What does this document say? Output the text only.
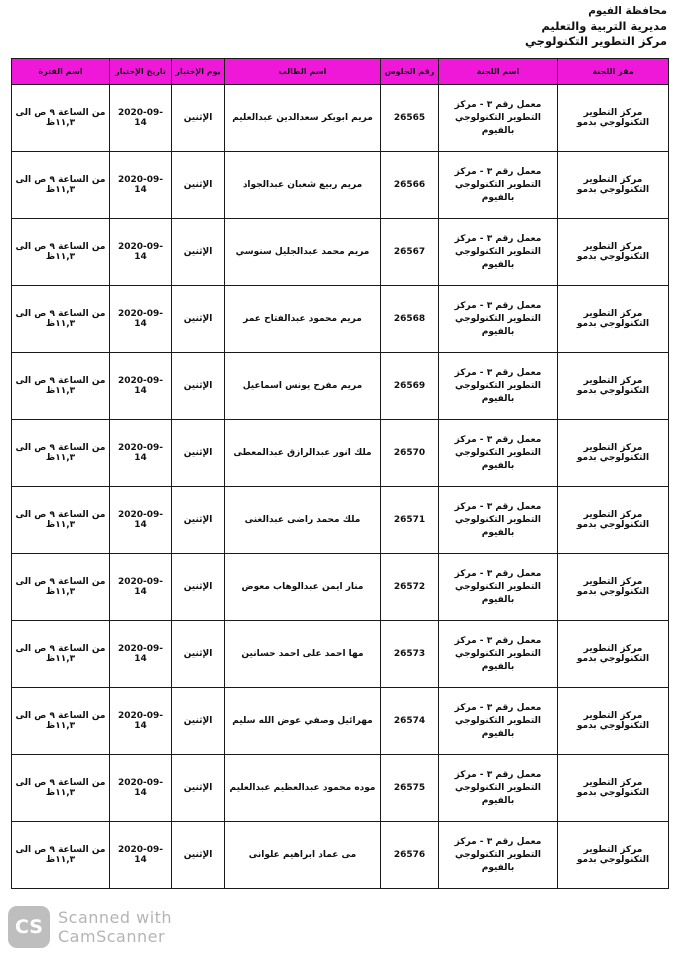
محافظة الفيوم
مديرية التربية والتعليم
مركز التطوير التكنولوجي
مقر اللجنة	اسم اللجنة	رقم الجلوس	اسم الطالب	يوم الإختبار	تاريخ الإختبار	اسم الفترة
مركز التطوير التكنولوجي بدمو	معمل رقم ٣ - مركز التطوير التكنولوجي بالفيوم	26565	مريم ابوبكر سعدالدين عبدالعليم	الإثنين	2020-09-14	من الساعة ٩ ص الى ١١,٣ظ
مركز التطوير التكنولوجي بدمو	معمل رقم ٣ - مركز التطوير التكنولوجي بالفيوم	26566	مريم ربيع شعبان عبدالجواد	الإثنين	2020-09-14	من الساعة ٩ ص الى ١١,٣ظ
مركز التطوير التكنولوجي بدمو	معمل رقم ٣ - مركز التطوير التكنولوجي بالفيوم	26567	مريم محمد عبدالجليل سنوسي	الإثنين	2020-09-14	من الساعة ٩ ص الى ١١,٣ظ
مركز التطوير التكنولوجي بدمو	معمل رقم ٣ - مركز التطوير التكنولوجي بالفيوم	26568	مريم محمود عبدالفتاح عمر	الإثنين	2020-09-14	من الساعة ٩ ص الى ١١,٣ظ
مركز التطوير التكنولوجي بدمو	معمل رقم ٣ - مركز التطوير التكنولوجي بالفيوم	26569	مريم مفرح يونس اسماعيل	الإثنين	2020-09-14	من الساعة ٩ ص الى ١١,٣ظ
مركز التطوير التكنولوجي بدمو	معمل رقم ٣ - مركز التطوير التكنولوجي بالفيوم	26570	ملك انور عبدالرازق عبدالمعطى	الإثنين	2020-09-14	من الساعة ٩ ص الى ١١,٣ظ
مركز التطوير التكنولوجي بدمو	معمل رقم ٣ - مركز التطوير التكنولوجي بالفيوم	26571	ملك محمد راضى عبدالغنى	الإثنين	2020-09-14	من الساعة ٩ ص الى ١١,٣ظ
مركز التطوير التكنولوجي بدمو	معمل رقم ٣ - مركز التطوير التكنولوجي بالفيوم	26572	منار ايمن عبدالوهاب معوض	الإثنين	2020-09-14	من الساعة ٩ ص الى ١١,٣ظ
مركز التطوير التكنولوجي بدمو	معمل رقم ٣ - مركز التطوير التكنولوجي بالفيوم	26573	مها احمد على احمد حسانين	الإثنين	2020-09-14	من الساعة ٩ ص الى ١١,٣ظ
مركز التطوير التكنولوجي بدمو	معمل رقم ٣ - مركز التطوير التكنولوجي بالفيوم	26574	مهرائيل وصفي عوض الله سليم	الإثنين	2020-09-14	من الساعة ٩ ص الى ١١,٣ظ
مركز التطوير التكنولوجي بدمو	معمل رقم ٣ - مركز التطوير التكنولوجي بالفيوم	26575	موده محمود عبدالعظيم عبدالعليم	الإثنين	2020-09-14	من الساعة ٩ ص الى ١١,٣ظ
مركز التطوير التكنولوجي بدمو	معمل رقم ٣ - مركز التطوير التكنولوجي بالفيوم	26576	مى عماد ابراهيم علوانى	الإثنين	2020-09-14	من الساعة ٩ ص الى ١١,٣ظ
CS Scanned with
CamScanner
